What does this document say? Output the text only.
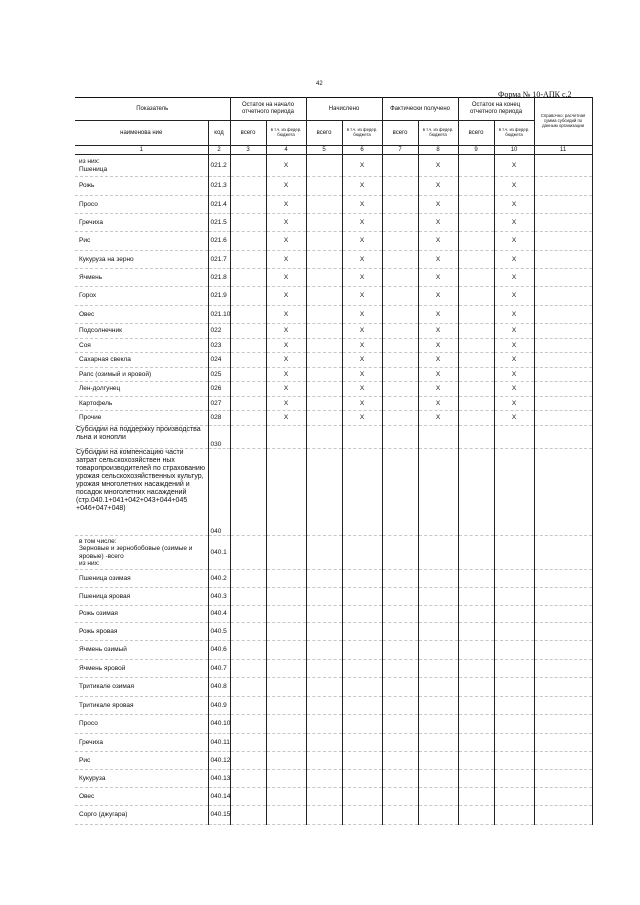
42
Форма № 10-АПК с.2
Показатель		Остаток на начало отчетного периода		Начислено		Фактически получено		Остаток на конец отчетного периода		Справочно: расчетная сумма субсидий по данным организации
наименова ние	код	всего	в т.ч. из федер. бюджета	всего	в т.ч. из федер. бюджета	всего	в т.ч. из федер. бюджета	всего	в т.ч. из федер. бюджета	
1	2	3	4	5	6	7	8	9	10	11
из них:
Пшеница	021.2		X		X		X		X	
Рожь	021.3		X		X		X		X	
Просо	021.4		X		X		X		X	
Гречиха	021.5		X		X		X		X	
Рис	021.6		X		X		X		X	
Кукуруза на зерно	021.7		X		X		X		X	
Ячмень	021.8		X		X		X		X	
Горох	021.9		X		X		X		X	
Овес	021.10		X		X		X		X	
Подсолнечник	022		X		X		X		X	
Соя	023		X		X		X		X	
Сахарная свекла	024		X		X		X		X	
Рапс (озимый и яровой)	025		X		X		X		X	
Лен-долгунец	026		X		X		X		X	
Картофель	027		X		X		X		X	
Прочие	028		X		X		X		X	
Субсидии на поддержку производства льна и конопли	030									
Субсидии на компенсацию части затрат сельскохозяйствен ных товаропроизводителей по страхованию урожая сельскохозяйственных культур, урожая многолетних насаждений и посадок многолетних насаждений (стр.040.1+041+042+043+044+045 +046+047+048)	040									
в том числе:
Зерновые и зернобобовые (озимые и яровые) -всего
из них:	040.1									
Пшеница озимая	040.2									
Пшеница яровая	040.3									
Рожь озимая	040.4									
Рожь яровая	040.5									
Ячмень озимый	040.6									
Ячмень яровой	040.7									
Тритикале озимая	040.8									
Тритикале яровая	040.9									
Просо	040.10									
Гречиха	040.11									
Рис	040.12									
Кукуруза	040.13									
Овес	040.14									
Сорго (джугара)	040.15									
